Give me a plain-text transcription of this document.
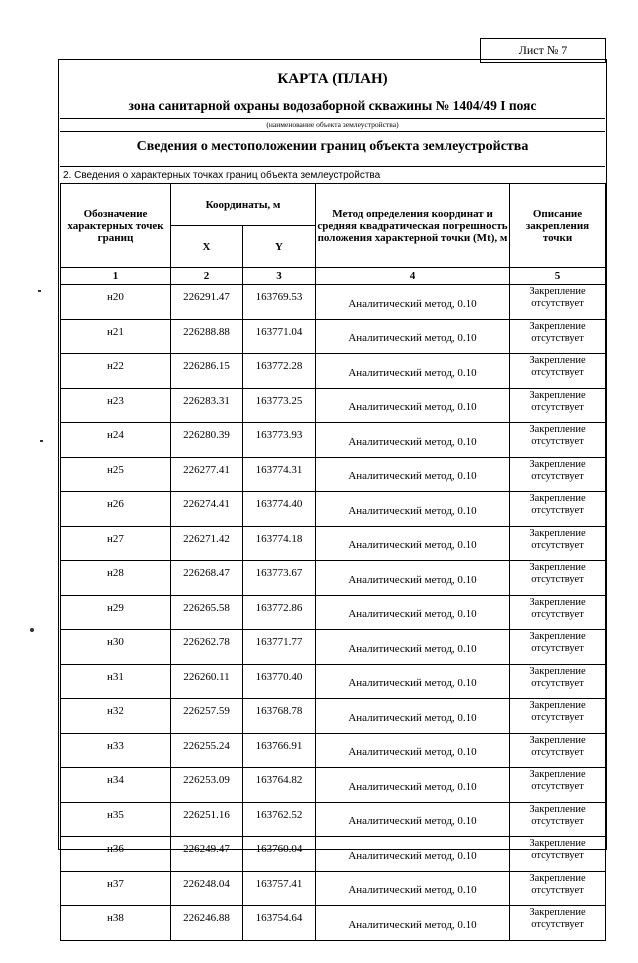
Лист № 7
КАРТА (ПЛАН)
зона санитарной охраны водозаборной скважины № 1404/49 I пояс
(наименование объекта землеустройства)
Сведения о местоположении границ объекта землеустройства
2. Сведения о характерных точках границ объекта землеустройства
Обозначение характерных точек границ	Координаты, м		Метод определения координат и средняя квадратическая погрешность положения характерной точки (Mt), м	Описание закрепления точки
	X	Y		
1	2	3	4	5
н20	226291.47	163769.53	Аналитический метод, 0.10	Закрепление отсутствует
н21	226288.88	163771.04	Аналитический метод, 0.10	Закрепление отсутствует
н22	226286.15	163772.28	Аналитический метод, 0.10	Закрепление отсутствует
н23	226283.31	163773.25	Аналитический метод, 0.10	Закрепление отсутствует
н24	226280.39	163773.93	Аналитический метод, 0.10	Закрепление отсутствует
н25	226277.41	163774.31	Аналитический метод, 0.10	Закрепление отсутствует
н26	226274.41	163774.40	Аналитический метод, 0.10	Закрепление отсутствует
н27	226271.42	163774.18	Аналитический метод, 0.10	Закрепление отсутствует
н28	226268.47	163773.67	Аналитический метод, 0.10	Закрепление отсутствует
н29	226265.58	163772.86	Аналитический метод, 0.10	Закрепление отсутствует
н30	226262.78	163771.77	Аналитический метод, 0.10	Закрепление отсутствует
н31	226260.11	163770.40	Аналитический метод, 0.10	Закрепление отсутствует
н32	226257.59	163768.78	Аналитический метод, 0.10	Закрепление отсутствует
н33	226255.24	163766.91	Аналитический метод, 0.10	Закрепление отсутствует
н34	226253.09	163764.82	Аналитический метод, 0.10	Закрепление отсутствует
н35	226251.16	163762.52	Аналитический метод, 0.10	Закрепление отсутствует
н36	226249.47	163760.04	Аналитический метод, 0.10	Закрепление отсутствует
н37	226248.04	163757.41	Аналитический метод, 0.10	Закрепление отсутствует
н38	226246.88	163754.64	Аналитический метод, 0.10	Закрепление отсутствует
